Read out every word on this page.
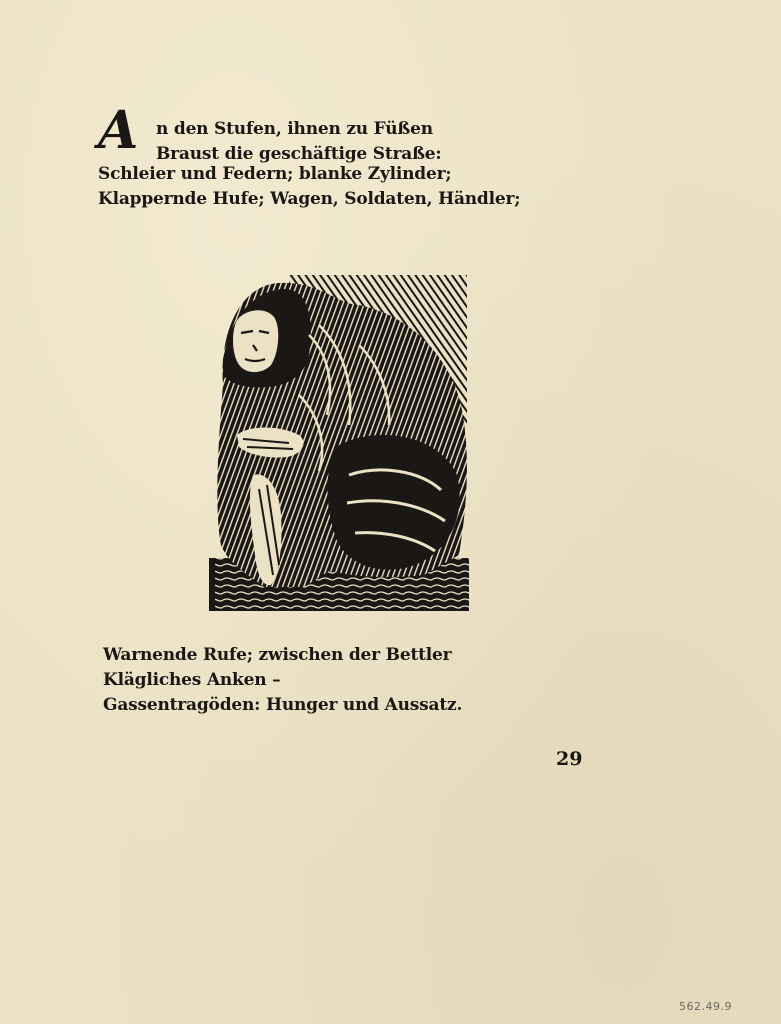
A	n den Stufen, ihnen zu Füßen
Braust die geschäftige Straße:
Schleier und Federn; blanke Zylinder;
Klappernde Hufe; Wagen, Soldaten, Händler;
Warnende Rufe; zwischen der Bettler
Klägliches Anken –
Gassentragöden: Hunger und Aussatz.
29
562.49.9
